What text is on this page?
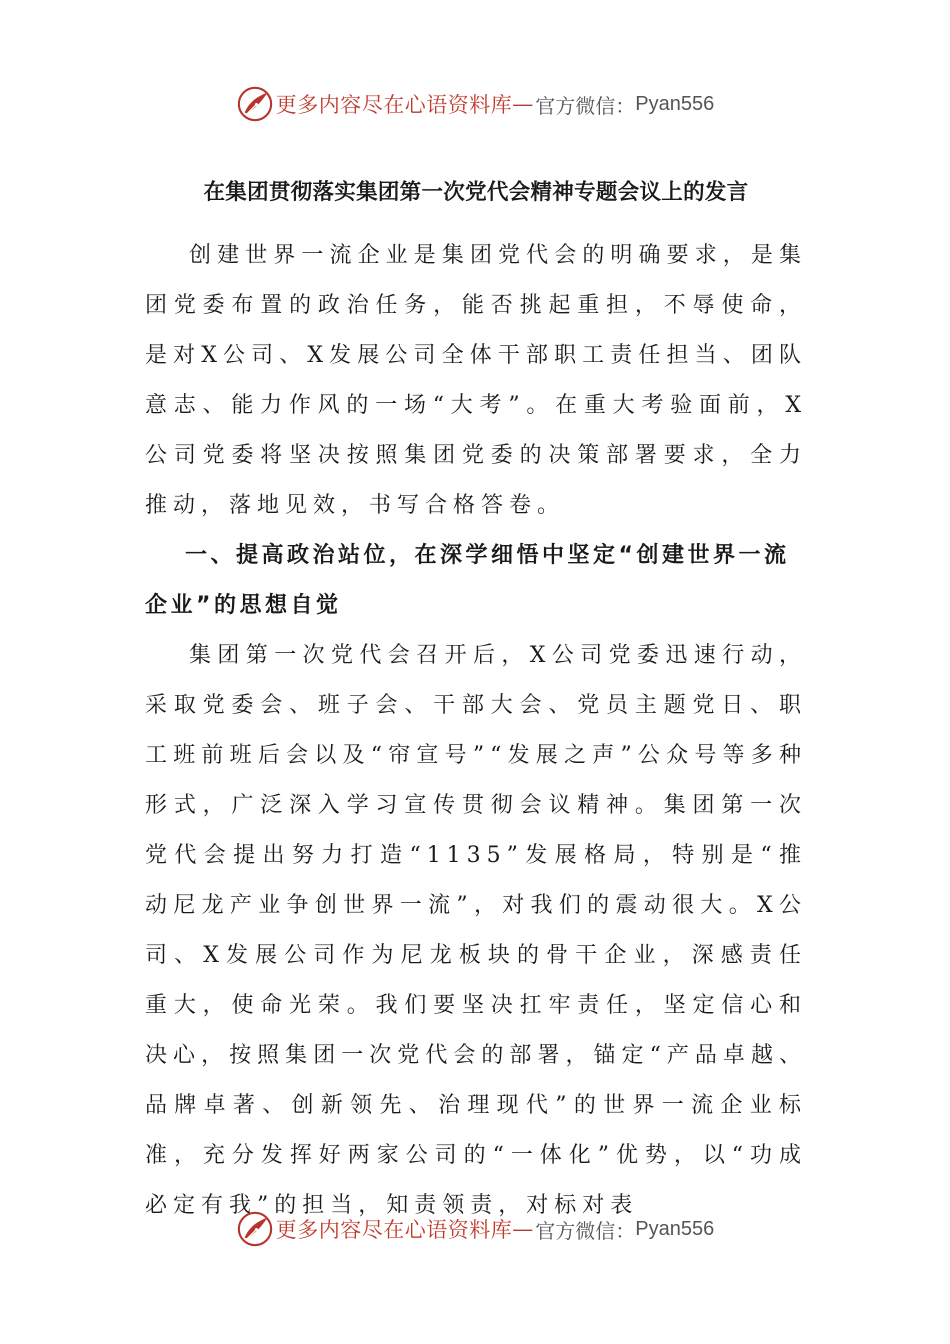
更多内容尽在心语资料库 — 官方微信： Pyan556
在集团贯彻落实集团第一次党代会精神专题会议上的发言

创建世界一流企业是集团党代会的明确要求，是集团党委布置的政治任务，能否挑起重担，不辱使命，是对X公司、X发展公司全体干部职工责任担当、团队意志、能力作风的一场“大考”。在重大考验面前，X公司党委将坚决按照集团党委的决策部署要求，全力推动，落地见效，书写合格答卷。

一、提高政治站位，在深学细悟中坚定“创建世界一流企业”的思想自觉

集团第一次党代会召开后，X公司党委迅速行动，采取党委会、班子会、干部大会、党员主题党日、职工班前班后会以及“帘宣号”“发展之声”公众号等多种形式，广泛深入学习宣传贯彻会议精神。集团第一次党代会提出努力打造“1135”发展格局，特别是“推动尼龙产业争创世界一流”，对我们的震动很大。X公司、X发展公司作为尼龙板块的骨干企业，深感责任重大，使命光荣。我们要坚决扛牢责任，坚定信心和决心，按照集团一次党代会的部署，锚定“产品卓越、品牌卓著、创新领先、治理现代”的世界一流企业标准，充分发挥好两家公司的“一体化”优势，以“功成必定有我”的担当，知责领责，对标对表

更多内容尽在心语资料库 — 官方微信： Pyan556
